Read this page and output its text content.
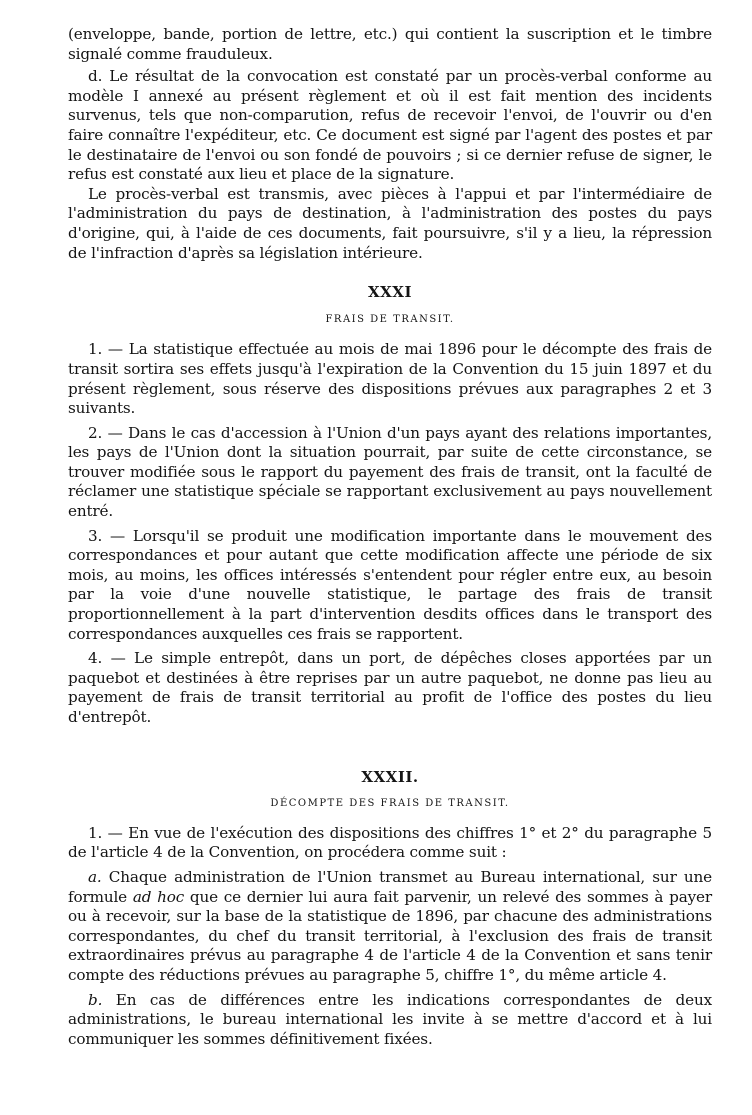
(enveloppe, bande, portion de lettre, etc.) qui contient la suscription et le timbre signalé comme frauduleux.

d. Le résultat de la convocation est constaté par un procès-verbal conforme au modèle I annexé au présent règlement et où il est fait mention des incidents survenus, tels que non-comparution, refus de recevoir l'envoi, de l'ouvrir ou d'en faire connaître l'expéditeur, etc. Ce document est signé par l'agent des postes et par le destinataire de l'envoi ou son fondé de pouvoirs ; si ce dernier refuse de signer, le refus est constaté aux lieu et place de la signature.

Le procès-verbal est transmis, avec pièces à l'appui et par l'intermédiaire de l'administration du pays de destination, à l'administration des postes du pays d'origine, qui, à l'aide de ces documents, fait poursuivre, s'il y a lieu, la répression de l'infraction d'après sa législation intérieure.

XXXI

FRAIS DE TRANSIT.

1. — La statistique effectuée au mois de mai 1896 pour le décompte des frais de transit sortira ses effets jusqu'à l'expiration de la Convention du 15 juin 1897 et du présent règlement, sous réserve des dispositions prévues aux paragraphes 2 et 3 suivants.

2. — Dans le cas d'accession à l'Union d'un pays ayant des relations importantes, les pays de l'Union dont la situation pourrait, par suite de cette circonstance, se trouver modifiée sous le rapport du payement des frais de transit, ont la faculté de réclamer une statistique spéciale se rapportant exclusivement au pays nouvellement entré.

3. — Lorsqu'il se produit une modification importante dans le mouvement des correspondances et pour autant que cette modification affecte une période de six mois, au moins, les offices intéressés s'entendent pour régler entre eux, au besoin par la voie d'une nouvelle statistique, le partage des frais de transit proportionnellement à la part d'intervention desdits offices dans le transport des correspondances auxquelles ces frais se rapportent.

4. — Le simple entrepôt, dans un port, de dépêches closes apportées par un paquebot et destinées à être reprises par un autre paquebot, ne donne pas lieu au payement de frais de transit territorial au profit de l'office des postes du lieu d'entrepôt.

XXXII.

DÉCOMPTE DES FRAIS DE TRANSIT.

1. — En vue de l'exécution des dispositions des chiffres 1° et 2° du paragraphe 5 de l'article 4 de la Convention, on procédera comme suit :

a. Chaque administration de l'Union transmet au Bureau international, sur une formule ad hoc que ce dernier lui aura fait parvenir, un relevé des sommes à payer ou à recevoir, sur la base de la statistique de 1896, par chacune des administrations correspondantes, du chef du transit territorial, à l'exclusion des frais de transit extraordinaires prévus au paragraphe 4 de l'article 4 de la Convention et sans tenir compte des réductions prévues au paragraphe 5, chiffre 1°, du même article 4.

b. En cas de différences entre les indications correspondantes de deux administrations, le bureau international les invite à se mettre d'accord et à lui communiquer les sommes définitivement fixées.
